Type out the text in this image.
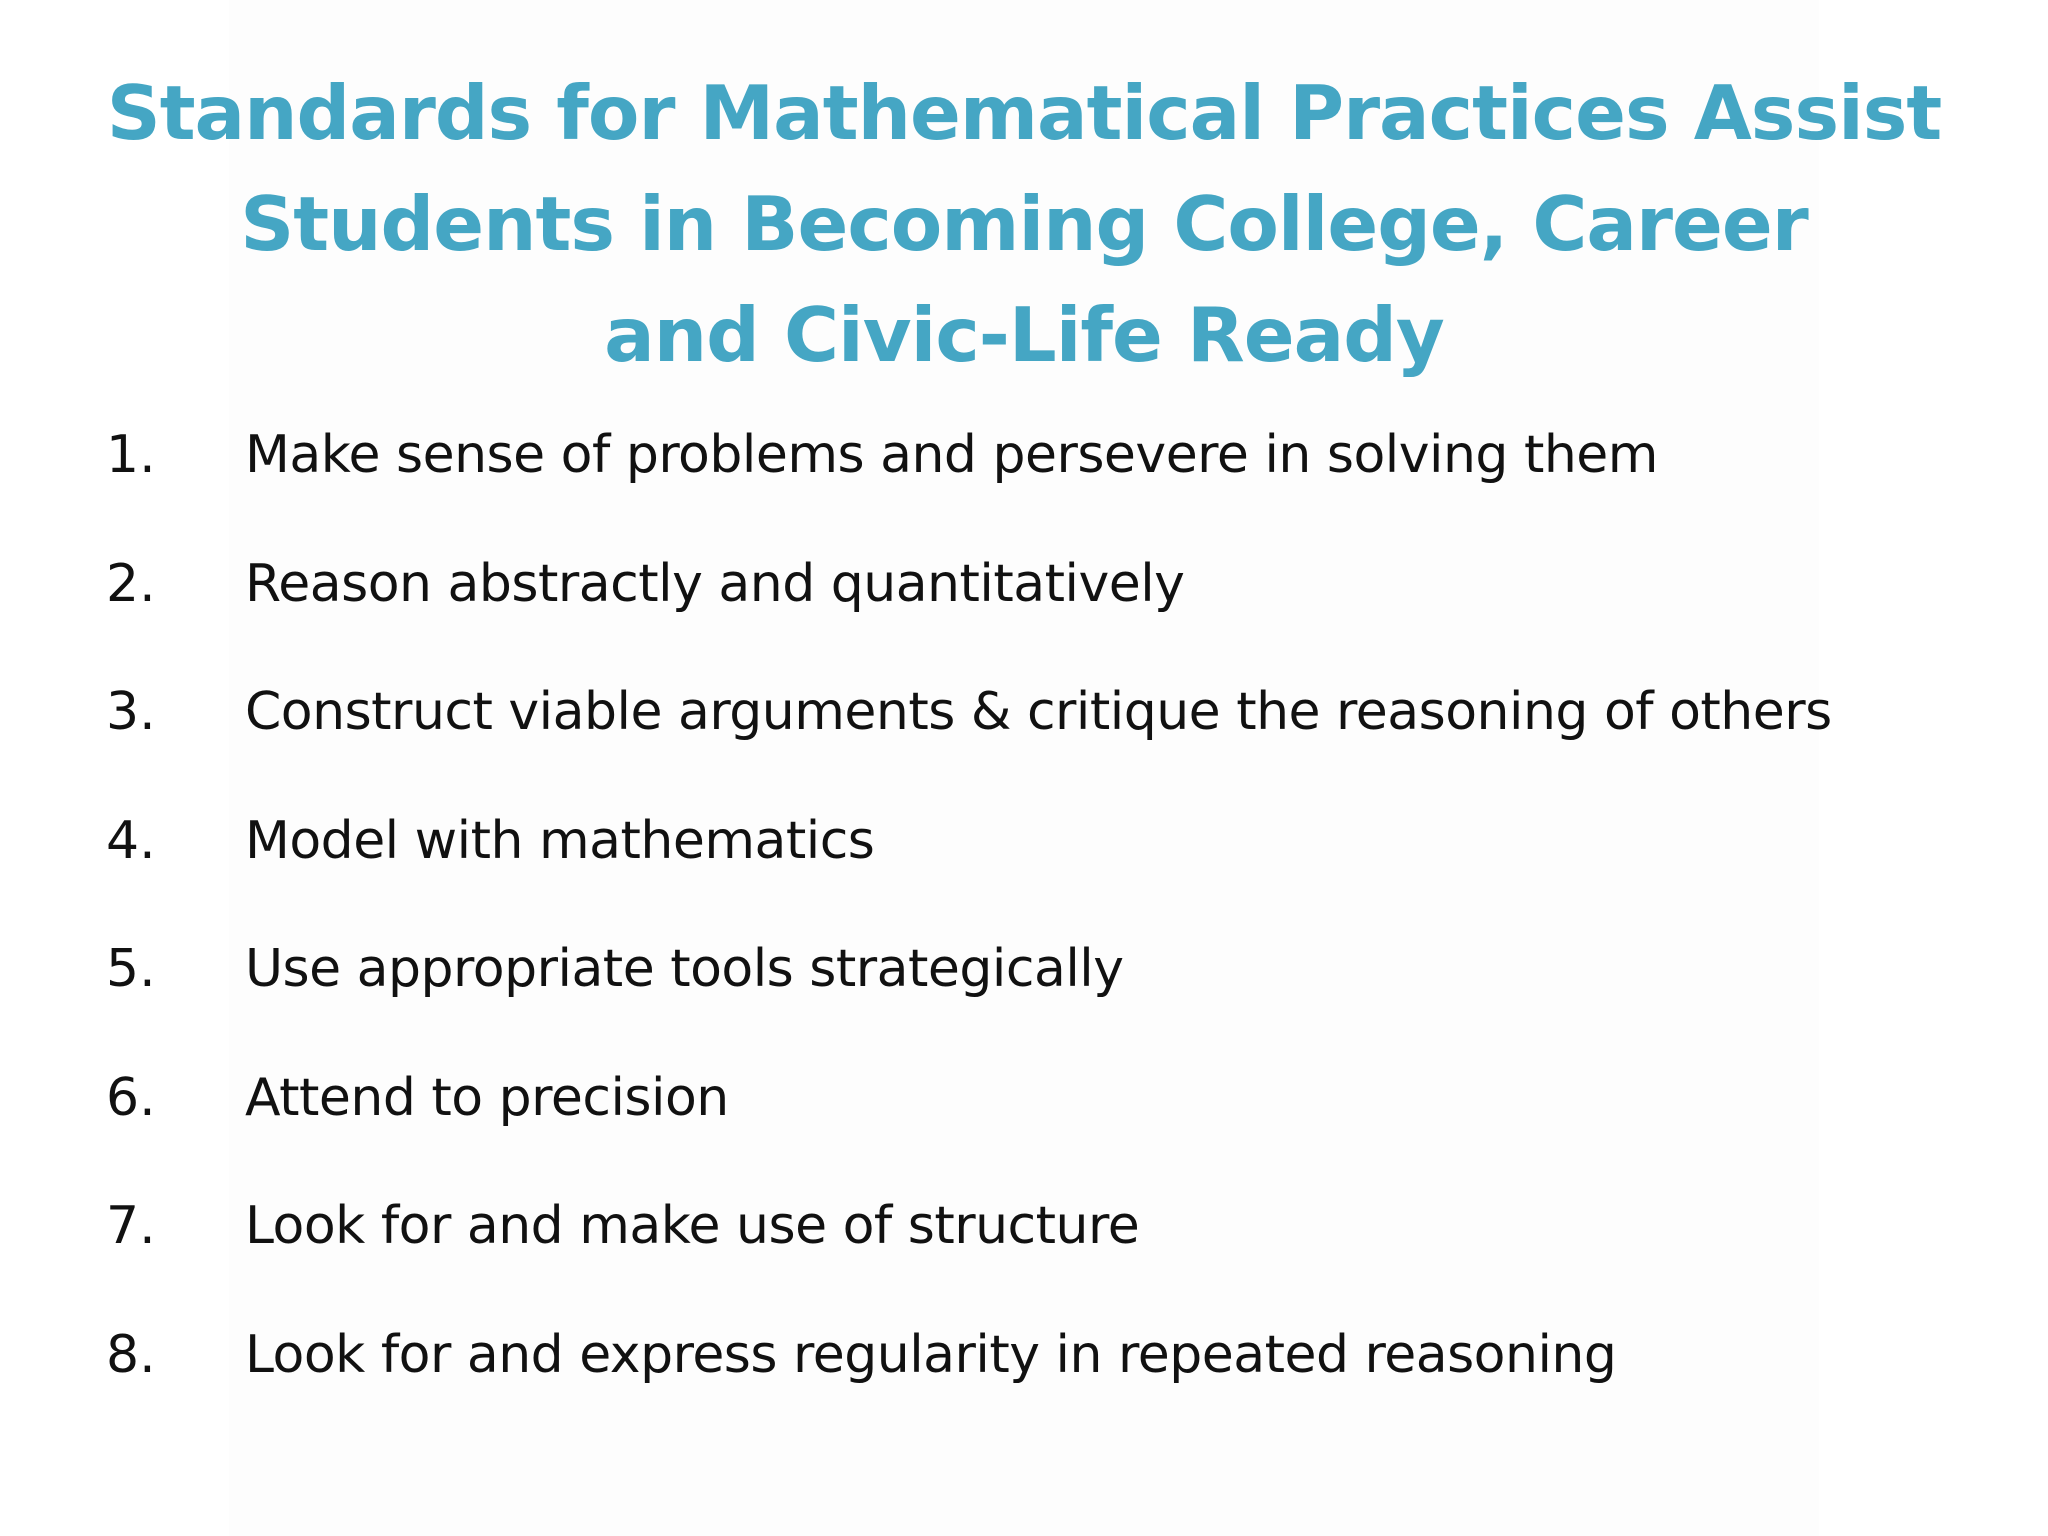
Standards for Mathematical Practices Assist
Students in Becoming College, Career
and Civic-Life Ready
1. Make sense of problems and persevere in solving them
2. Reason abstractly and quantitatively
3. Construct viable arguments & critique the reasoning of others
4. Model with mathematics
5. Use appropriate tools strategically
6. Attend to precision
7. Look for and make use of structure
8. Look for and express regularity in repeated reasoning
